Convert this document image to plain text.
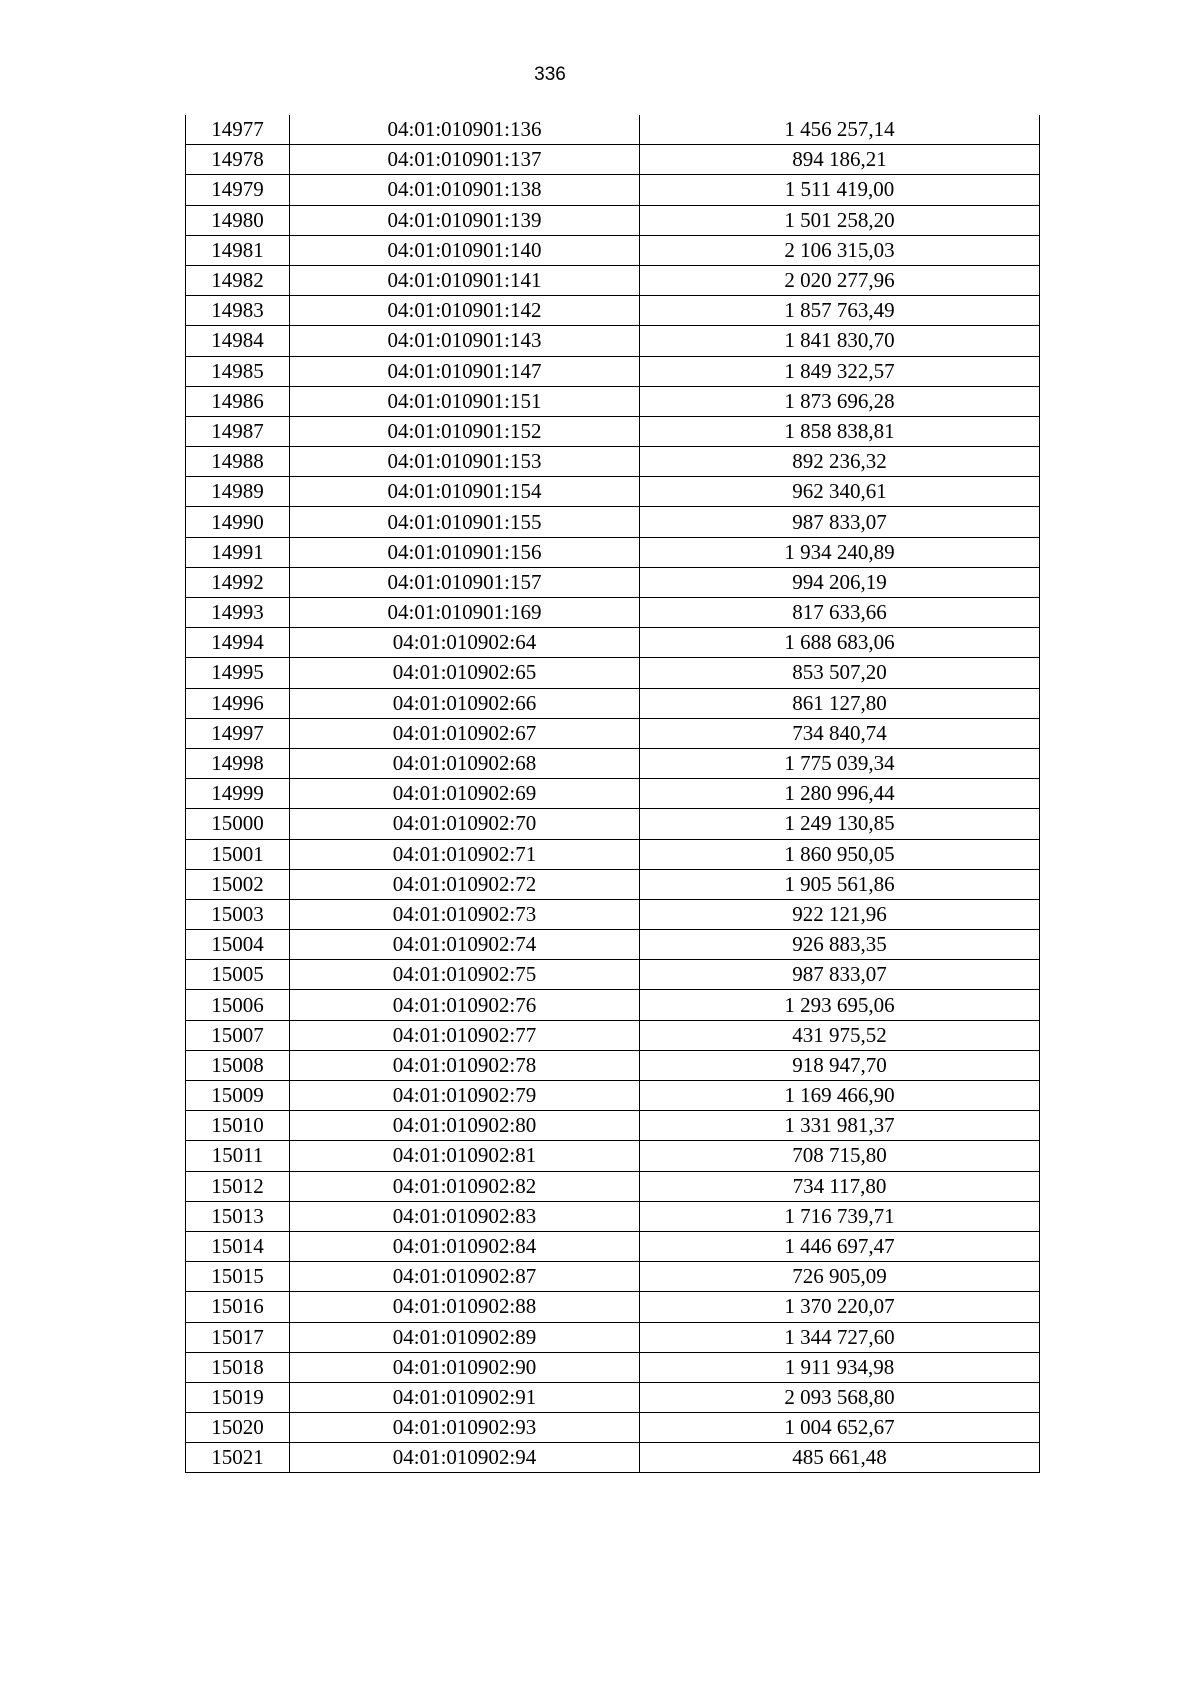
336
14977	04:01:010901:136	1 456 257,14
14978	04:01:010901:137	894 186,21
14979	04:01:010901:138	1 511 419,00
14980	04:01:010901:139	1 501 258,20
14981	04:01:010901:140	2 106 315,03
14982	04:01:010901:141	2 020 277,96
14983	04:01:010901:142	1 857 763,49
14984	04:01:010901:143	1 841 830,70
14985	04:01:010901:147	1 849 322,57
14986	04:01:010901:151	1 873 696,28
14987	04:01:010901:152	1 858 838,81
14988	04:01:010901:153	892 236,32
14989	04:01:010901:154	962 340,61
14990	04:01:010901:155	987 833,07
14991	04:01:010901:156	1 934 240,89
14992	04:01:010901:157	994 206,19
14993	04:01:010901:169	817 633,66
14994	04:01:010902:64	1 688 683,06
14995	04:01:010902:65	853 507,20
14996	04:01:010902:66	861 127,80
14997	04:01:010902:67	734 840,74
14998	04:01:010902:68	1 775 039,34
14999	04:01:010902:69	1 280 996,44
15000	04:01:010902:70	1 249 130,85
15001	04:01:010902:71	1 860 950,05
15002	04:01:010902:72	1 905 561,86
15003	04:01:010902:73	922 121,96
15004	04:01:010902:74	926 883,35
15005	04:01:010902:75	987 833,07
15006	04:01:010902:76	1 293 695,06
15007	04:01:010902:77	431 975,52
15008	04:01:010902:78	918 947,70
15009	04:01:010902:79	1 169 466,90
15010	04:01:010902:80	1 331 981,37
15011	04:01:010902:81	708 715,80
15012	04:01:010902:82	734 117,80
15013	04:01:010902:83	1 716 739,71
15014	04:01:010902:84	1 446 697,47
15015	04:01:010902:87	726 905,09
15016	04:01:010902:88	1 370 220,07
15017	04:01:010902:89	1 344 727,60
15018	04:01:010902:90	1 911 934,98
15019	04:01:010902:91	2 093 568,80
15020	04:01:010902:93	1 004 652,67
15021	04:01:010902:94	485 661,48
